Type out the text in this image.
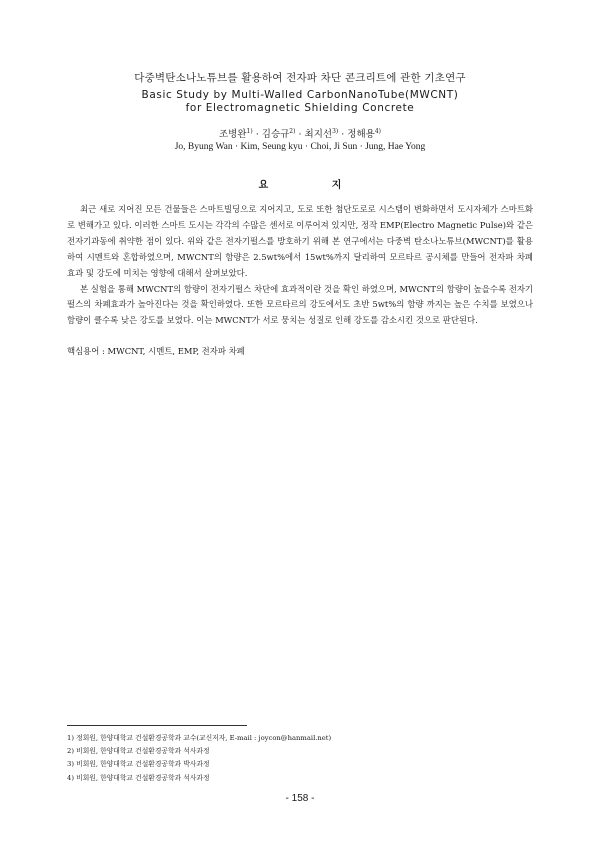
다중벽탄소나노튜브를 활용하여 전자파 차단 콘크리트에 관한 기초연구
Basic Study by Multi-Walled CarbonNanoTube(MWCNT)
for Electromagnetic Shielding Concrete
조병완$^{1)}$ · 김승규$^{2)}$ · 최지선$^{3)}$ · 정해용$^{4)}$
Jo, Byung Wan · Kim, Seung kyu · Choi, Ji Sun · Jung, Hae Yong
요 지

최근 새로 지어진 모든 건물들은 스마트빌딩으로 지어지고, 도로 또한 첨단도로로 시스템이 변화하면서 도시자체가 스마트화로 변해가고 있다. 이러한 스마트 도시는 각각의 수많은 센서로 이루어져 있지만, 정작 EMP(Electro Magnetic Pulse)와 같은 전자기과동에 취약한 점이 있다. 위와 같은 전자기펄스를 방호하기 위해 본 연구에서는 다중벽 탄소나노튜브(MWCNT)를 활용하여 시멘트와 혼합하였으며, MWCNT의 함량은 2.5wt%에서 15wt%까지 달리하여 모르타르 공시체를 만들어 전자파 차폐 효과 및 강도에 미치는 영향에 대해서 살펴보았다.

본 실험을 통해 MWCNT의 함량이 전자기펄스 차단에 효과적이란 것을 확인 하였으며, MWCNT의 함량이 높을수록 전자기펄스의 차폐효과가 높아진다는 것을 확인하였다. 또한 모르타르의 강도에서도 초반 5wt%의 함량 까지는 높은 수치를 보였으나 함량이 클수록 낮은 강도를 보였다. 이는 MWCNT가 서로 뭉치는 성질로 인해 강도를 감소시킨 것으로 판단된다.

핵심용어 : MWCNT, 시멘트, EMP, 전자파 차폐
1) 정회원, 한양대학교 건설환경공학과 교수(교신저자, E-mail : joycon@hanmail.net)
2) 비회원, 한양대학교 건설환경공학과 석사과정
3) 비회원, 한양대학교 건설환경공학과 박사과정
4) 비회원, 한양대학교 건설환경공학과 석사과정
- 158 -
